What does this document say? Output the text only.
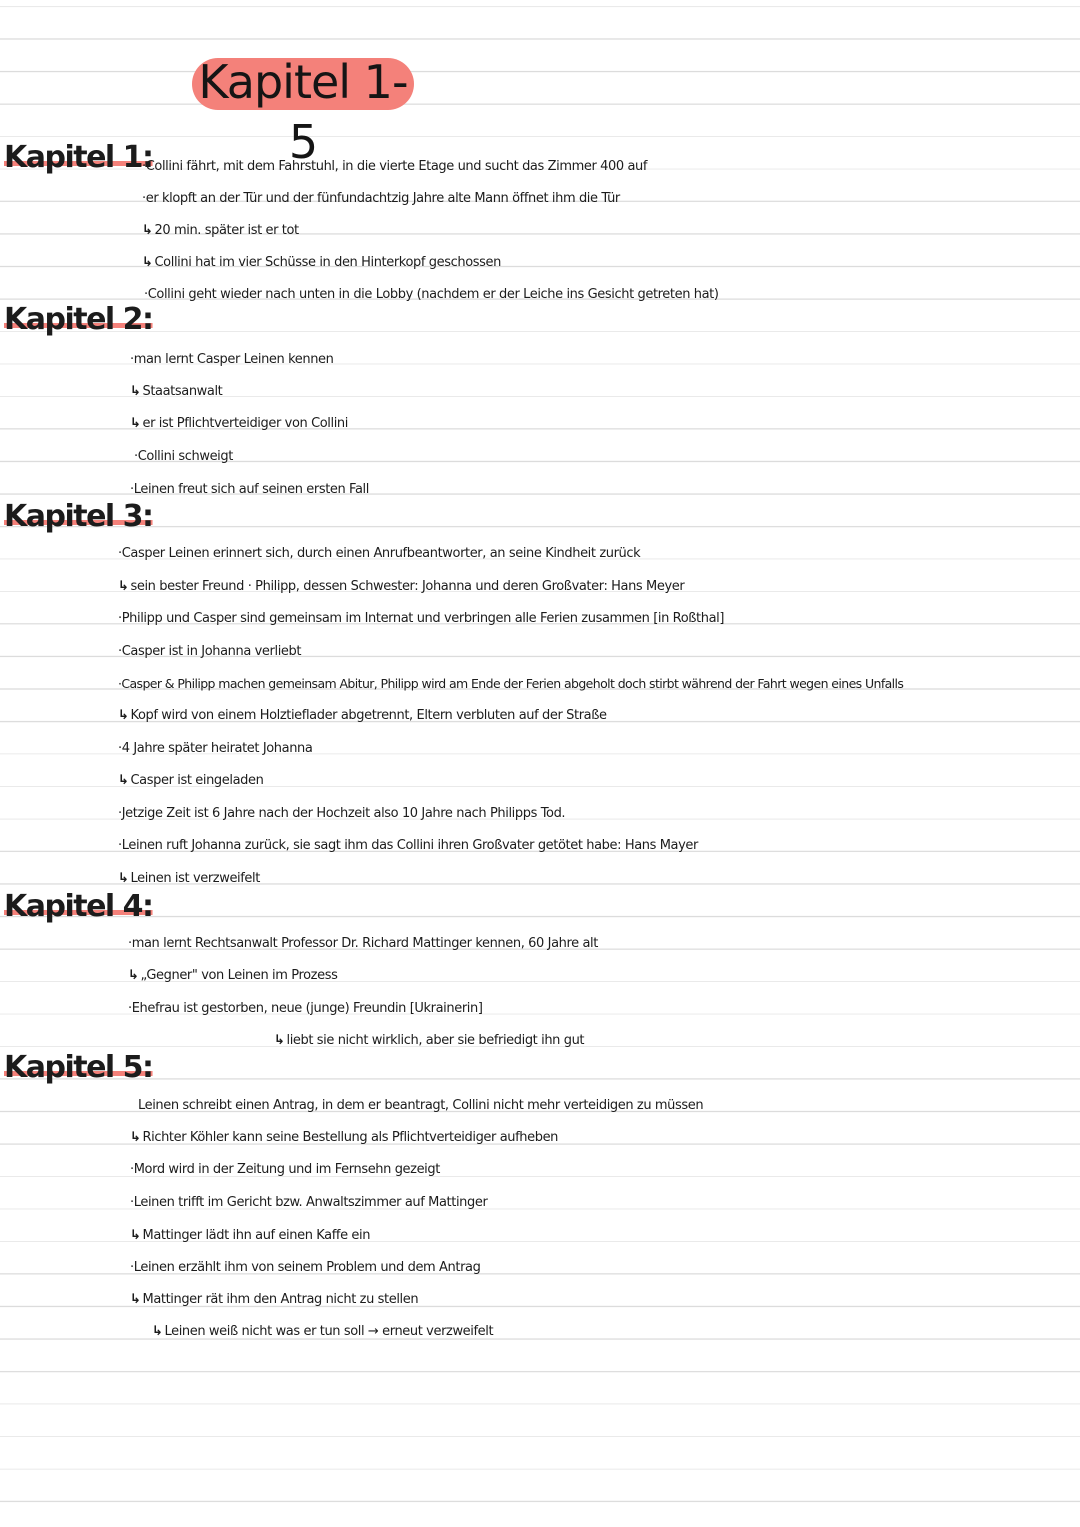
Kapitel 1-5
Kapitel 1:
·Collini fährt, mit dem Fahrstuhl, in die vierte Etage und sucht das Zimmer 400 auf
·er klopft an der Tür und der fünfundachtzig Jahre alte Mann öffnet ihm die Tür
↳ 20 min. später ist er tot
↳ Collini hat im vier Schüsse in den Hinterkopf geschossen
·Collini geht wieder nach unten in die Lobby (nachdem er der Leiche ins Gesicht getreten hat)
Kapitel 2:
·man lernt Casper Leinen kennen
↳ Staatsanwalt
↳ er ist Pflichtverteidiger von Collini
·Collini schweigt
·Leinen freut sich auf seinen ersten Fall
Kapitel 3:
·Casper Leinen erinnert sich, durch einen Anrufbeantworter, an seine Kindheit zurück
↳ sein bester Freund · Philipp, dessen Schwester: Johanna und deren Großvater: Hans Meyer
·Philipp und Casper sind gemeinsam im Internat und verbringen alle Ferien zusammen [in Roßthal]
·Casper ist in Johanna verliebt
·Casper & Philipp machen gemeinsam Abitur, Philipp wird am Ende der Ferien abgeholt doch stirbt während der Fahrt wegen eines Unfalls
↳ Kopf wird von einem Holztieflader abgetrennt, Eltern verbluten auf der Straße
·4 Jahre später heiratet Johanna
↳ Casper ist eingeladen
·Jetzige Zeit ist 6 Jahre nach der Hochzeit also 10 Jahre nach Philipps Tod.
·Leinen ruft Johanna zurück, sie sagt ihm das Collini ihren Großvater getötet habe: Hans Mayer
↳ Leinen ist verzweifelt
Kapitel 4:
·man lernt Rechtsanwalt Professor Dr. Richard Mattinger kennen, 60 Jahre alt
↳ „Gegner" von Leinen im Prozess
·Ehefrau ist gestorben, neue (junge) Freundin [Ukrainerin]
↳ liebt sie nicht wirklich, aber sie befriedigt ihn gut
Kapitel 5:
Leinen schreibt einen Antrag, in dem er beantragt, Collini nicht mehr verteidigen zu müssen
↳ Richter Köhler kann seine Bestellung als Pflichtverteidiger aufheben
·Mord wird in der Zeitung und im Fernsehn gezeigt
·Leinen trifft im Gericht bzw. Anwaltszimmer auf Mattinger
↳ Mattinger lädt ihn auf einen Kaffe ein
·Leinen erzählt ihm von seinem Problem und dem Antrag
↳ Mattinger rät ihm den Antrag nicht zu stellen
↳ Leinen weiß nicht was er tun soll → erneut verzweifelt
